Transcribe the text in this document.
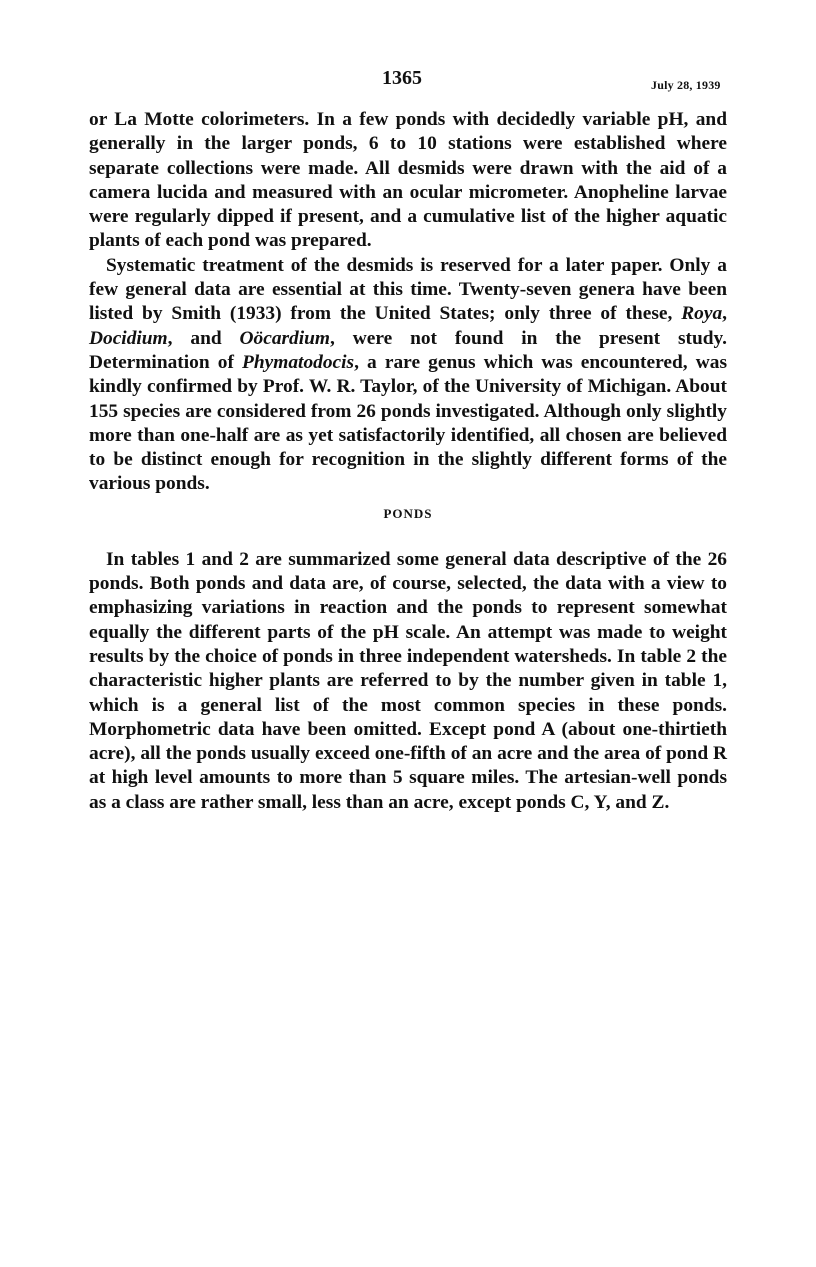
1365	July 28, 1939

or La Motte colorimeters. In a few ponds with decidedly variable pH, and generally in the larger ponds, 6 to 10 stations were established where separate collections were made. All desmids were drawn with the aid of a camera lucida and measured with an ocular micrometer. Anopheline larvae were regularly dipped if present, and a cumulative list of the higher aquatic plants of each pond was prepared.

Systematic treatment of the desmids is reserved for a later paper. Only a few general data are essential at this time. Twenty-seven genera have been listed by Smith (1933) from the United States; only three of these, Roya, Docidium, and Oöcardium, were not found in the present study. Determination of Phymatodocis, a rare genus which was encountered, was kindly confirmed by Prof. W. R. Taylor, of the University of Michigan. About 155 species are considered from 26 ponds investigated. Although only slightly more than one-half are as yet satisfactorily identified, all chosen are believed to be distinct enough for recognition in the slightly different forms of the various ponds.

PONDS

In tables 1 and 2 are summarized some general data descriptive of the 26 ponds. Both ponds and data are, of course, selected, the data with a view to emphasizing variations in reaction and the ponds to represent somewhat equally the different parts of the pH scale. An attempt was made to weight results by the choice of ponds in three independent watersheds. In table 2 the characteristic higher plants are referred to by the number given in table 1, which is a general list of the most common species in these ponds. Morphometric data have been omitted. Except pond A (about one-thirtieth acre), all the ponds usually exceed one-fifth of an acre and the area of pond R at high level amounts to more than 5 square miles. The artesian-well ponds as a class are rather small, less than an acre, except ponds C, Y, and Z.
